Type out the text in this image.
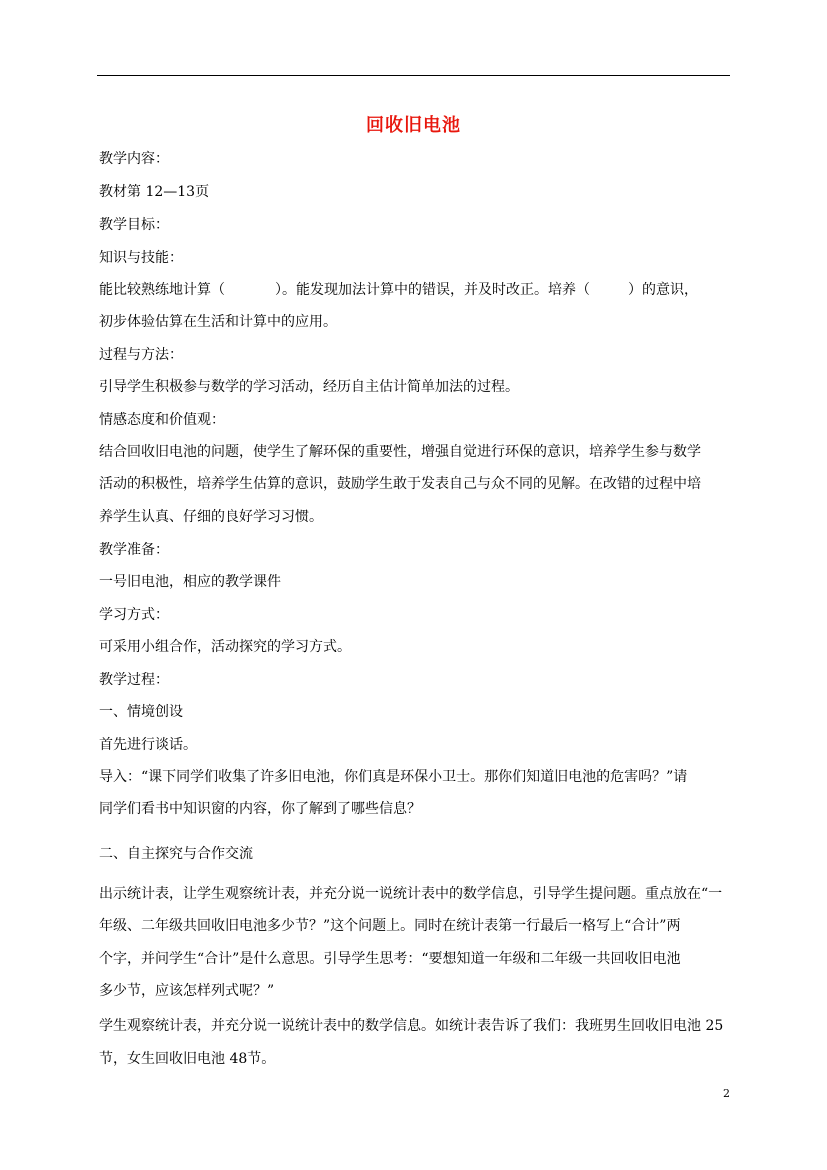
回收旧电池
教学内容：
教材第 12—13页
教学目标：
知识与技能：
能比较熟练地计算（	）。能发现加法计算中的错误，并及时改正。培养（	）的意识，
初步体验估算在生活和计算中的应用。
过程与方法：
引导学生积极参与数学的学习活动，经历自主估计简单加法的过程。
情感态度和价值观：
结合回收旧电池的问题，使学生了解环保的重要性，增强自觉进行环保的意识，培养学生参与数学
活动的积极性，培养学生估算的意识，鼓励学生敢于发表自己与众不同的见解。在改错的过程中培
养学生认真、仔细的良好学习习惯。
教学准备：
一号旧电池，相应的教学课件
学习方式：
可采用小组合作，活动探究的学习方式。
教学过程：
一、情境创设
首先进行谈话。
导入：“课下同学们收集了许多旧电池，你们真是环保小卫士。那你们知道旧电池的危害吗？”请
同学们看书中知识窗的内容，你了解到了哪些信息？
二、自主探究与合作交流
出示统计表，让学生观察统计表，并充分说一说统计表中的数学信息，引导学生提问题。重点放在“一
年级、二年级共回收旧电池多少节？”这个问题上。同时在统计表第一行最后一格写上“合计”两
个字，并问学生“合计”是什么意思。引导学生思考：“要想知道一年级和二年级一共回收旧电池
多少节，应该怎样列式呢？”
学生观察统计表，并充分说一说统计表中的数学信息。如统计表告诉了我们：我班男生回收旧电池 25
节，女生回收旧电池 48节。
2
